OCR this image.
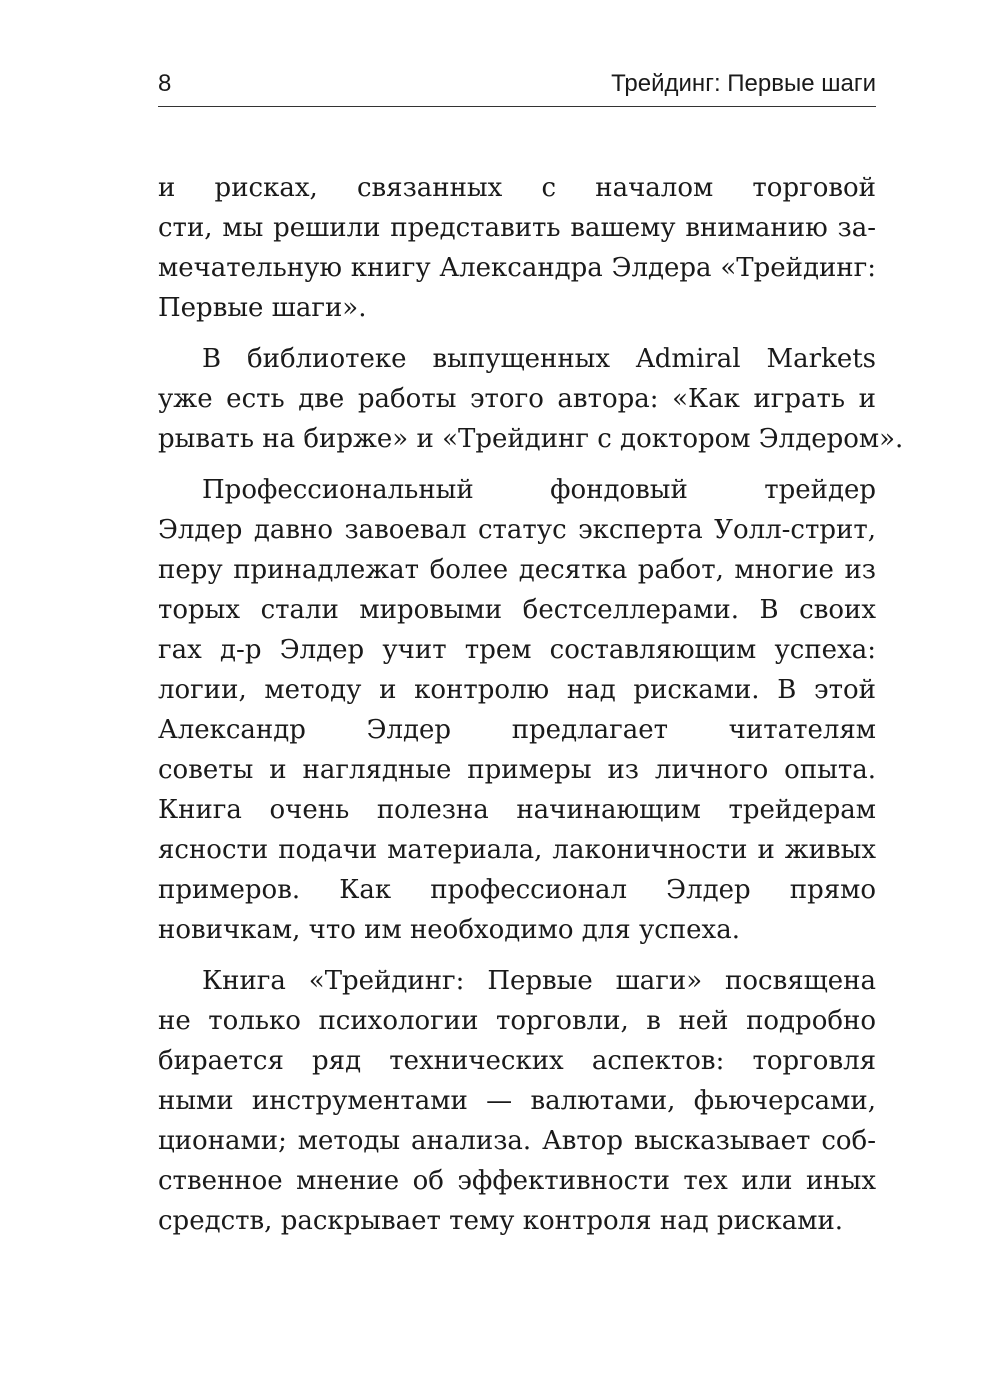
8	Трейдинг: Первые шаги
и рисках, связанных с началом торговой
сти, мы решили представить вашему вниманию за-
мечательную книгу Александра Элдера «Трейдинг:
Первые шаги».
В библиотеке выпущенных Admiral Markets
уже есть две работы этого автора: «Как играть и
рывать на бирже» и «Трейдинг с доктором Элдером».
Профессиональный фондовый трейдер
Элдер давно завоевал статус эксперта Уолл-стрит,
перу принадлежат более десятка работ, многие из
торых стали мировыми бестселлерами. В своих
гах д-р Элдер учит трем составляющим успеха:
логии, методу и контролю над рисками. В этой
Александр Элдер предлагает читателям
советы и наглядные примеры из личного опыта.
Книга очень полезна начинающим трейдерам
ясности подачи материала, лаконичности и живых
примеров. Как профессионал Элдер прямо
новичкам, что им необходимо для успеха.
Книга «Трейдинг: Первые шаги» посвящена
не только психологии торговли, в ней подробно
бирается ряд технических аспектов: торговля
ными инструментами — валютами, фьючерсами,
ционами; методы анализа. Автор высказывает соб-
ственное мнение об эффективности тех или иных
средств, раскрывает тему контроля над рисками.
